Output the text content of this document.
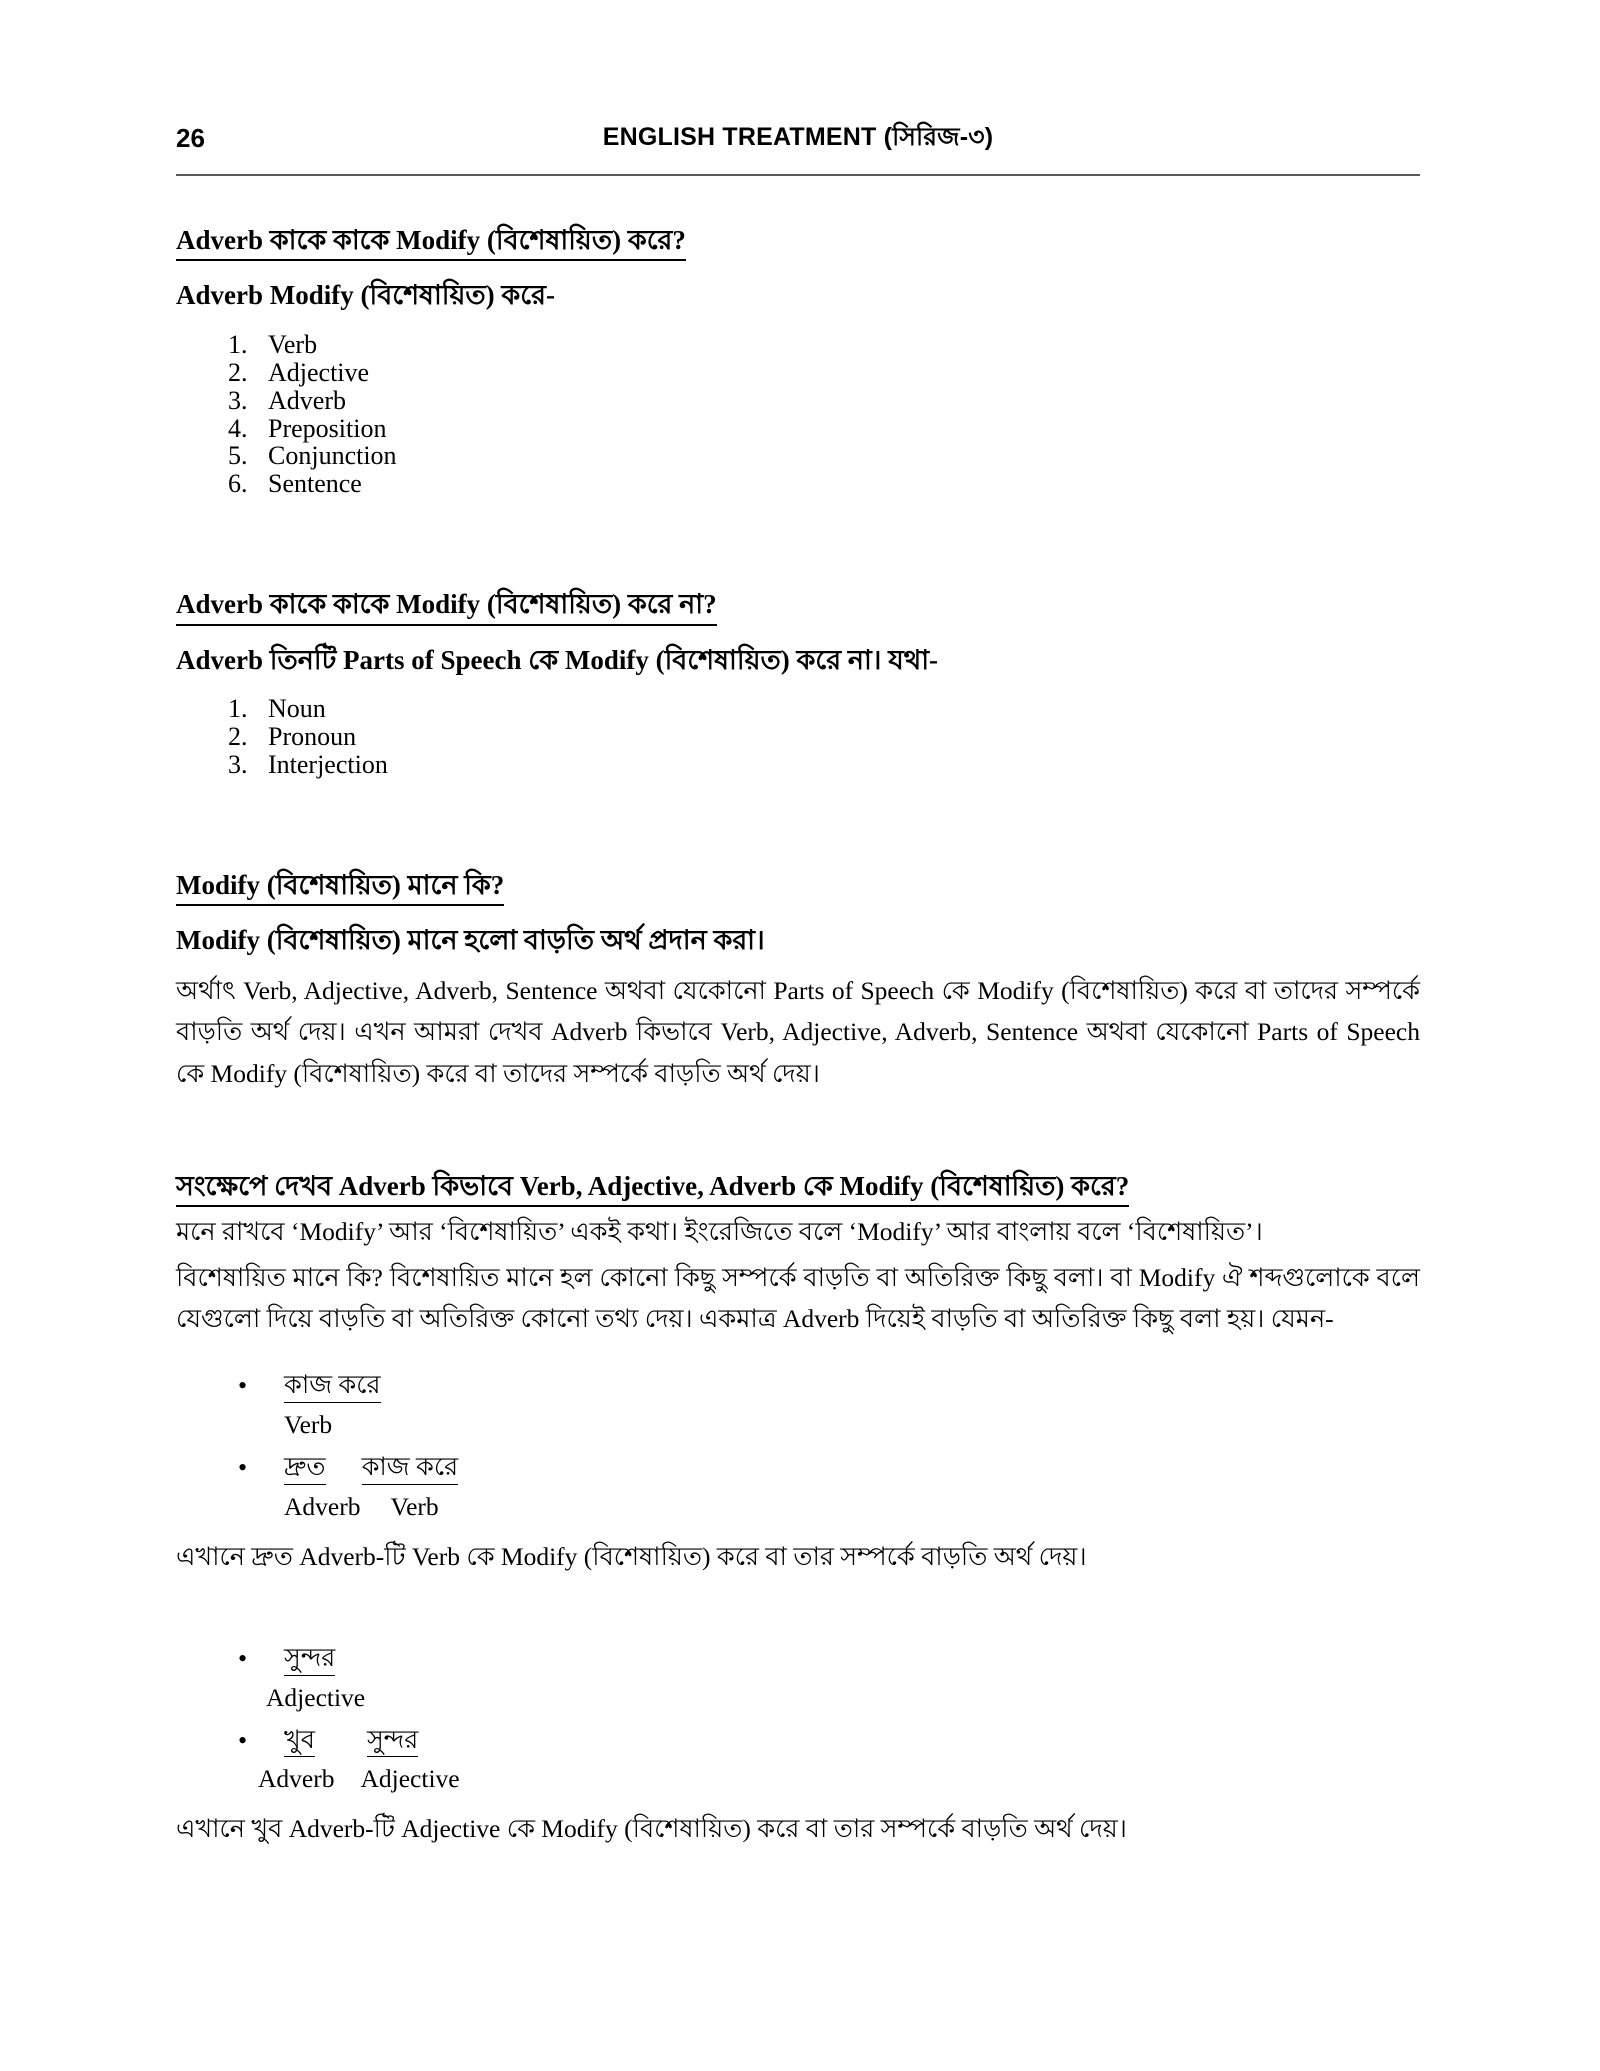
26	ENGLISH TREATMENT (সিরিজ-৩)
Adverb কাকে কাকে Modify (বিশেষায়িত) করে?
Adverb Modify (বিশেষায়িত) করে-
1. Verb
2. Adjective
3. Adverb
4. Preposition
5. Conjunction
6. Sentence
Adverb কাকে কাকে Modify (বিশেষায়িত) করে না?
Adverb তিনটি Parts of Speech কে Modify (বিশেষায়িত) করে না। যথা-
1. Noun
2. Pronoun
3. Interjection
Modify (বিশেষায়িত) মানে কি?
Modify (বিশেষায়িত) মানে হলো বাড়তি অর্থ প্রদান করা।

অর্থাৎ Verb, Adjective, Adverb, Sentence অথবা যেকোনো Parts of Speech কে Modify (বিশেষায়িত) করে বা তাদের সম্পর্কে বাড়তি অর্থ দেয়। এখন আমরা দেখব Adverb কিভাবে Verb, Adjective, Adverb, Sentence অথবা যেকোনো Parts of Speech কে Modify (বিশেষায়িত) করে বা তাদের সম্পর্কে বাড়তি অর্থ দেয়।

সংক্ষেপে দেখব Adverb কিভাবে Verb, Adjective, Adverb কে Modify (বিশেষায়িত) করে?

মনে রাখবে ‘Modify’ আর ‘বিশেষায়িত’ একই কথা। ইংরেজিতে বলে ‘Modify’ আর বাংলায় বলে ‘বিশেষায়িত’।

বিশেষায়িত মানে কি? বিশেষায়িত মানে হল কোনো কিছু সম্পর্কে বাড়তি বা অতিরিক্ত কিছু বলা। বা Modify ঐ শব্দগুলোকে বলে যেগুলো দিয়ে বাড়তি বা অতিরিক্ত কোনো তথ্য দেয়। একমাত্র Adverb দিয়েই বাড়তি বা অতিরিক্ত কিছু বলা হয়। যেমন-

•
কাজ করে
Verb
•
দ্রুত কাজ করে
Adverb Verb

এখানে দ্রুত Adverb-টি Verb কে Modify (বিশেষায়িত) করে বা তার সম্পর্কে বাড়তি অর্থ দেয়।

•
সুন্দর
Adjective
•
খুব সুন্দর
Adverb Adjective

এখানে খুব Adverb-টি Adjective কে Modify (বিশেষায়িত) করে বা তার সম্পর্কে বাড়তি অর্থ দেয়।
